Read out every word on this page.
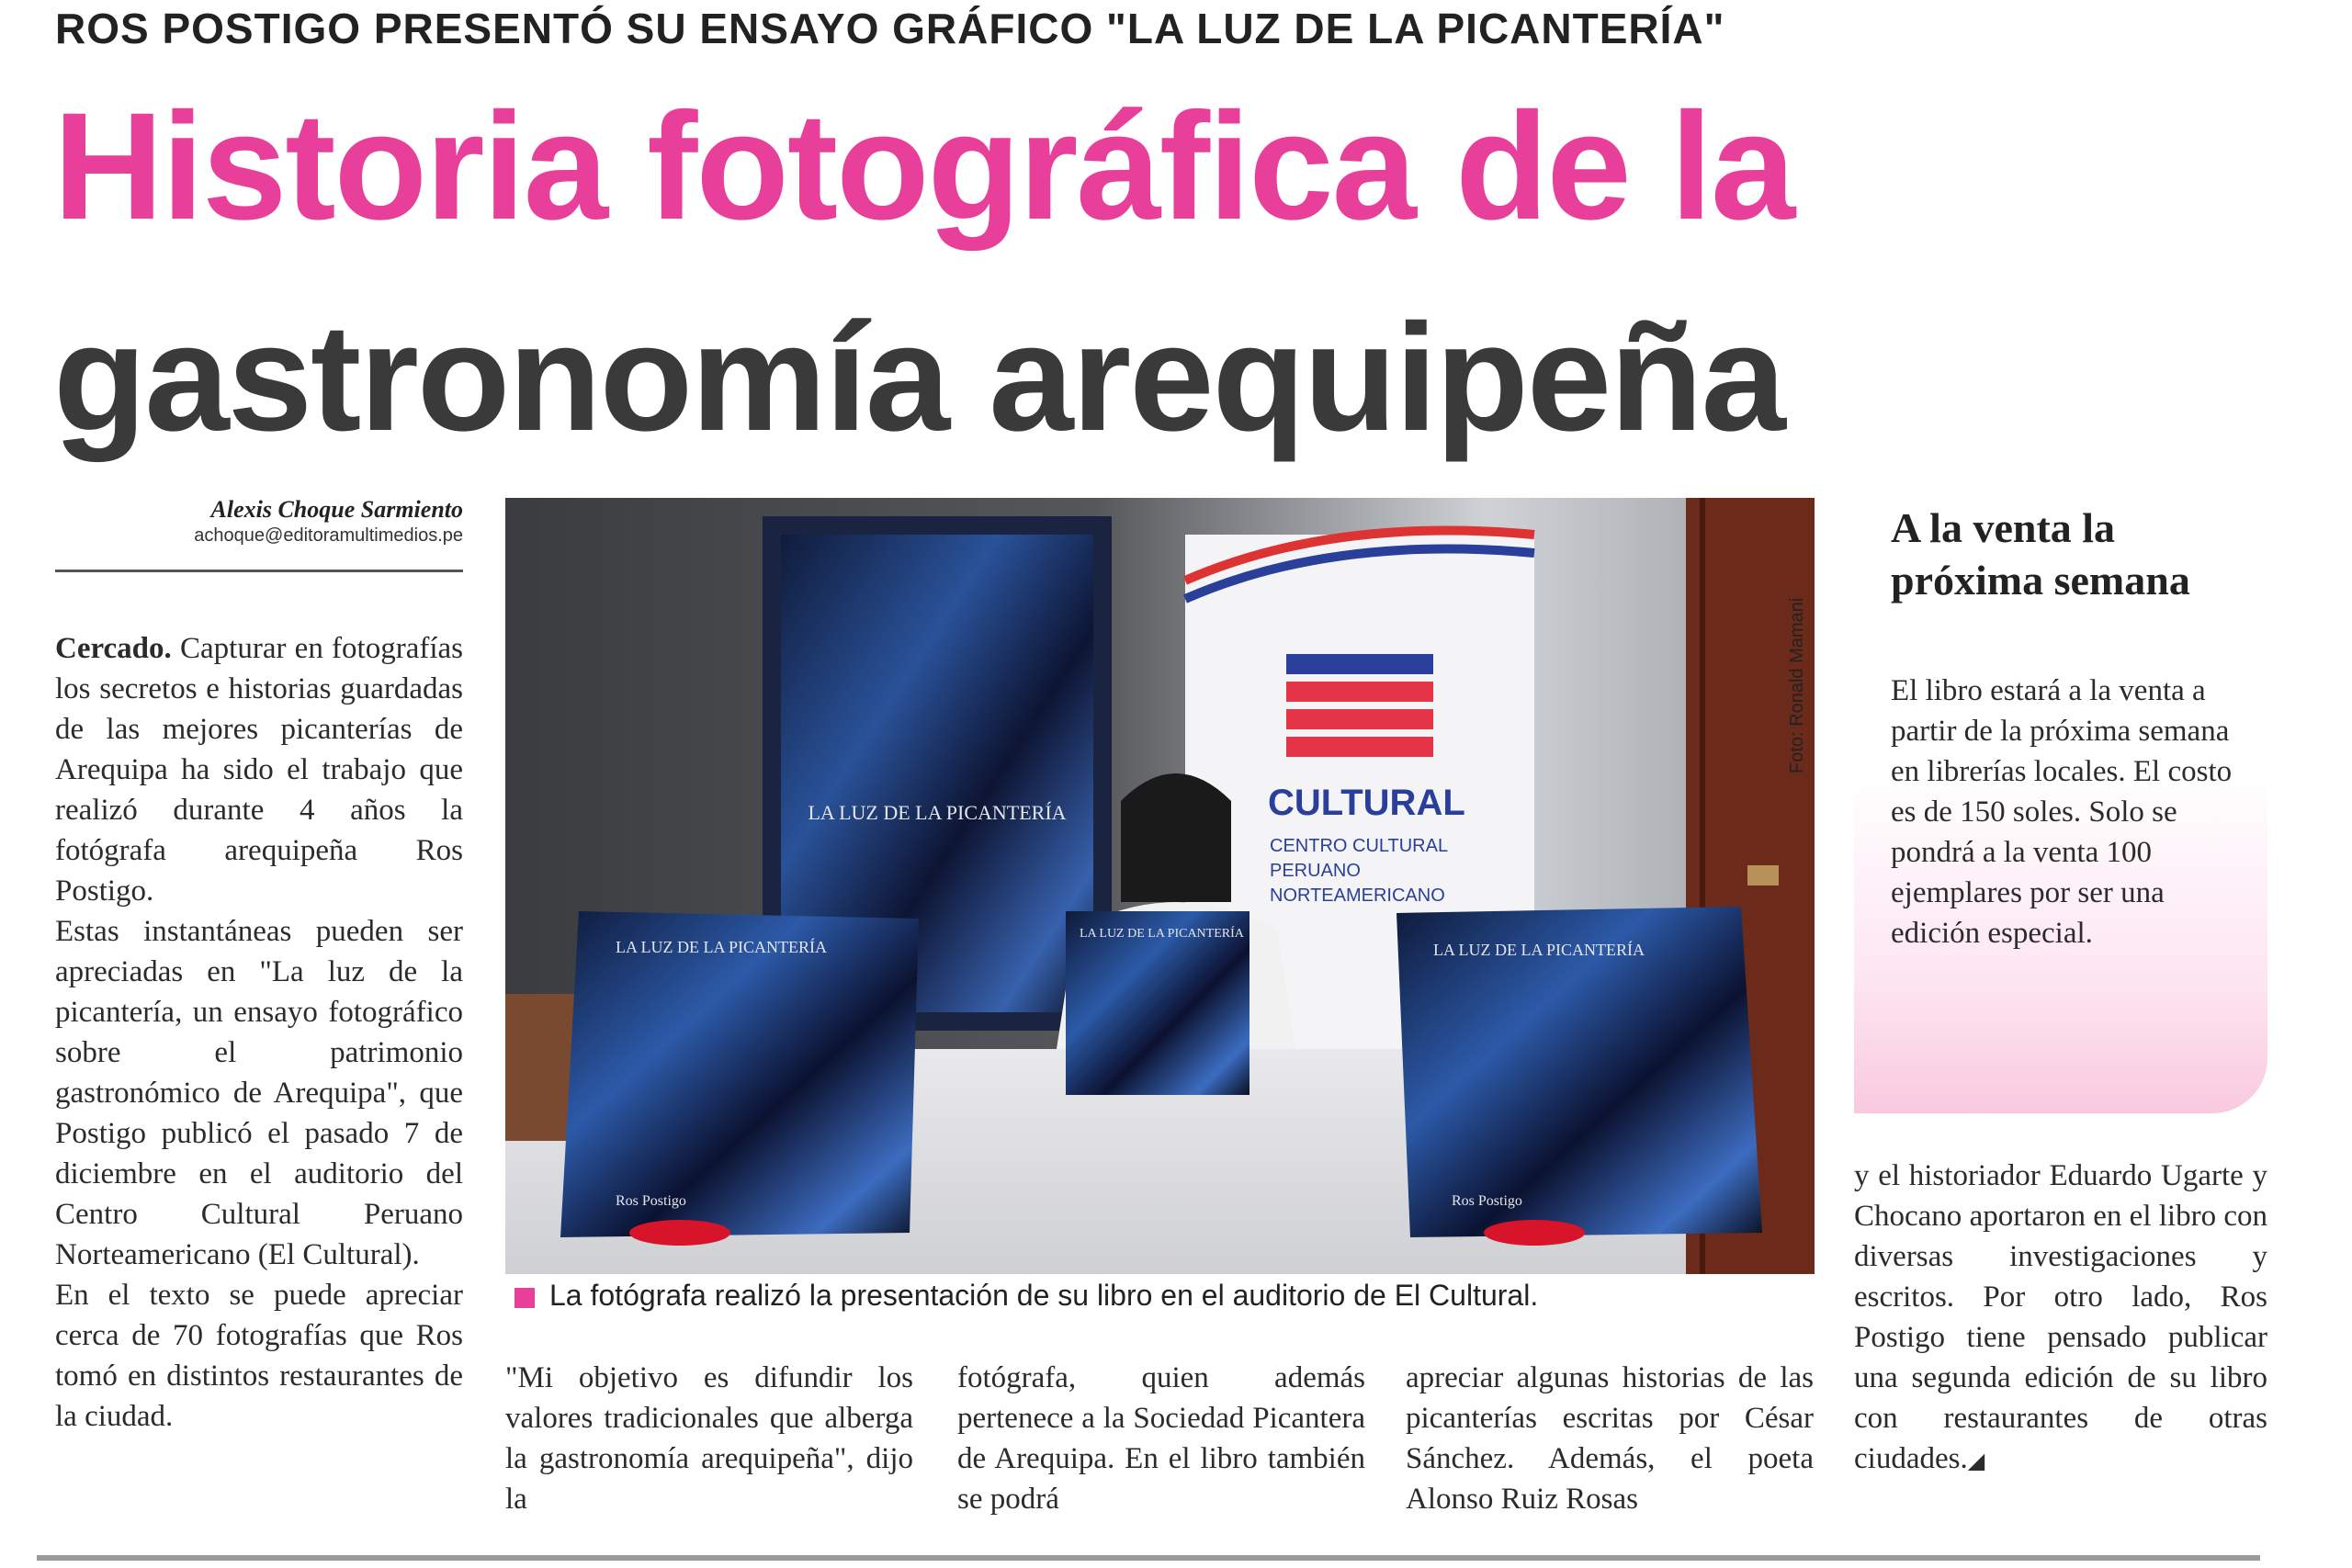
ROS POSTIGO PRESENTÓ SU ENSAYO GRÁFICO "LA LUZ DE LA PICANTERÍA"
Historia fotográfica de la
gastronomía arequipeña
Alexis Choque Sarmiento
achoque@editoramultimedios.pe

Cercado. Capturar en fotografías los secretos e historias guardadas de las mejores picanterías de Arequipa ha sido el trabajo que realizó durante 4 años la fotógrafa arequipeña Ros Postigo.

Estas instantáneas pueden ser apreciadas en "La luz de la picantería, un ensayo fotográfico sobre el patrimonio gastronómico de Arequipa", que Postigo publicó el pasado 7 de diciembre en el auditorio del Centro Cultural Peruano Norteamericano (El Cultural).

En el texto se puede apreciar cerca de 70 fotografías que Ros tomó en distintos restaurantes de la ciudad.

LA LUZ DE LA PICANTERÍA	CULTURAL
CENTRO CULTURAL
PERUANO
NORTEAMERICANO
Foto: Ronald Mamani
LA LUZ DE LA PICANTERÍA
Ros Postigo
LA LUZ DE LA PICANTERÍA
LA LUZ DE LA PICANTERÍA
Ros Postigo
La fotógrafa realizó la presentación de su libro en el auditorio de El Cultural.
"Mi objetivo es difundir los valores tradicionales que alberga la gastronomía arequipeña", dijo la
fotógrafa, quien además pertenece a la Sociedad Picantera de Arequipa. En el libro también se podrá
apreciar algunas historias de las picanterías escritas por César Sánchez. Además, el poeta Alonso Ruiz Rosas
y el historiador Eduardo Ugarte y Chocano aportaron en el libro con diversas investigaciones y escritos. Por otro lado, Ros Postigo tiene pensado publicar una segunda edición de su libro con restaurantes de otras ciudades.◢
A la venta la próxima semana
El libro estará a la venta a partir de la próxima semana en librerías locales. El costo es de 150 soles. Solo se pondrá a la venta 100 ejemplares por ser una edición especial.
